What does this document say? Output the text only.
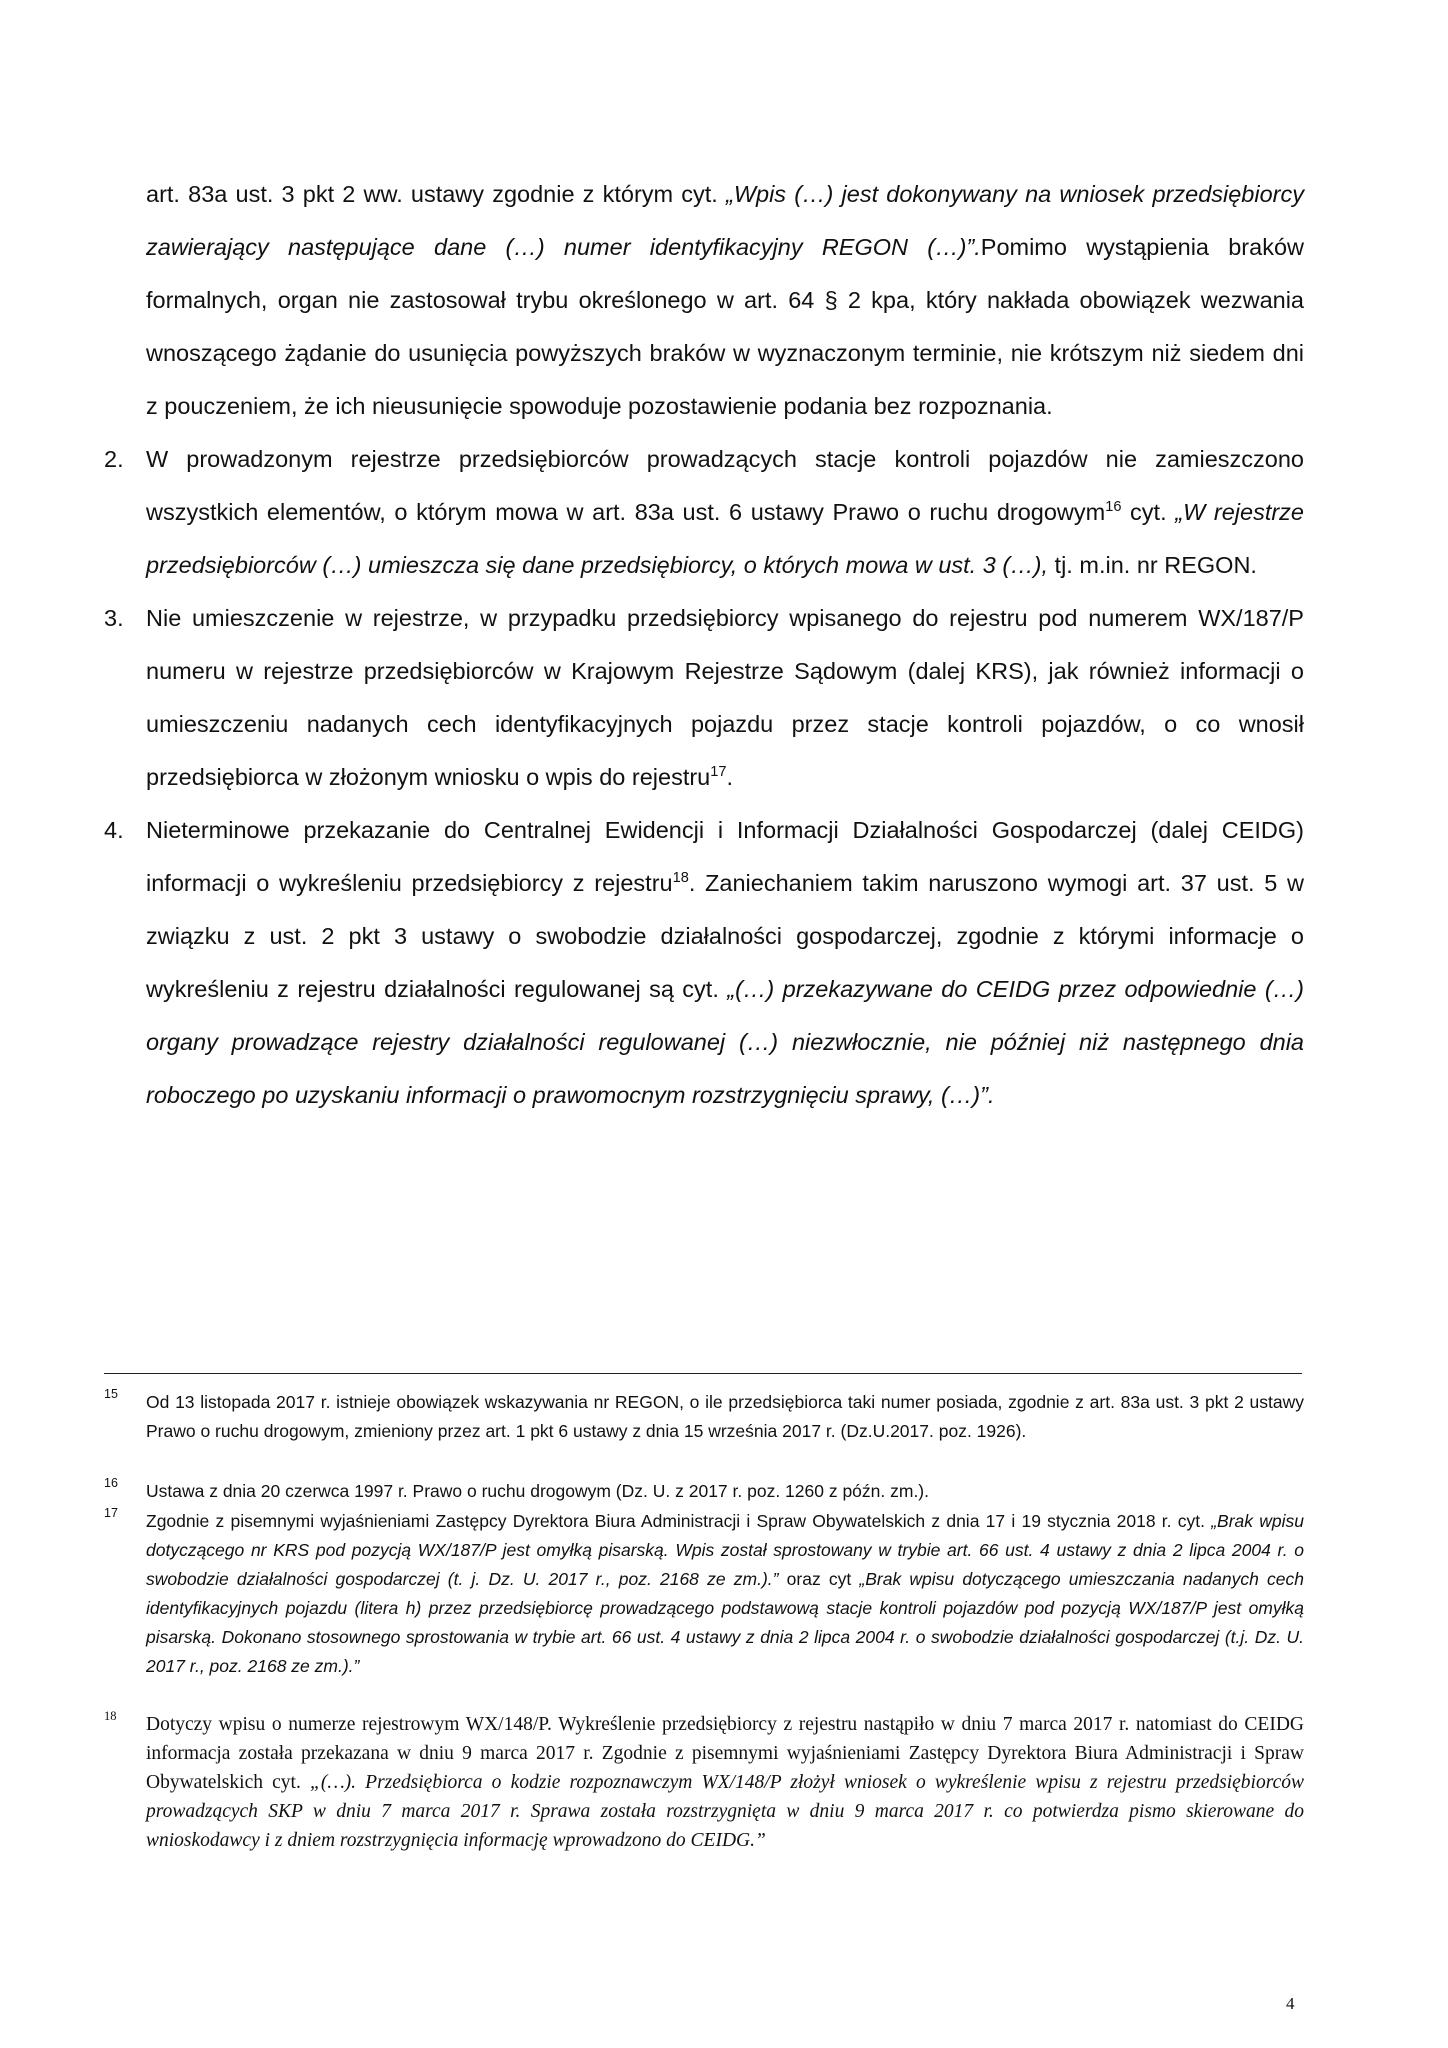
art. 83a ust. 3 pkt 2 ww. ustawy zgodnie z którym cyt. „Wpis (…) jest dokonywany na wniosek przedsiębiorcy zawierający następujące dane (…) numer identyfikacyjny REGON (…)”.Pomimo wystąpienia braków formalnych, organ nie zastosował trybu określonego w art. 64 § 2 kpa, który nakłada obowiązek wezwania wnoszącego żądanie do usunięcia powyższych braków w wyznaczonym terminie, nie krótszym niż siedem dni z pouczeniem, że ich nieusunięcie spowoduje pozostawienie podania bez rozpoznania.

2. W prowadzonym rejestrze przedsiębiorców prowadzących stacje kontroli pojazdów nie zamieszczono wszystkich elementów, o którym mowa w art. 83a ust. 6 ustawy Prawo o ruchu drogowym$^{16}$ cyt. „W rejestrze przedsiębiorców (…) umieszcza się dane przedsiębiorcy, o których mowa w ust. 3 (…), tj. m.in. nr REGON.
3. Nie umieszczenie w rejestrze, w przypadku przedsiębiorcy wpisanego do rejestru pod numerem WX/187/P numeru w rejestrze przedsiębiorców w Krajowym Rejestrze Sądowym (dalej KRS), jak również informacji o umieszczeniu nadanych cech identyfikacyjnych pojazdu przez stacje kontroli pojazdów, o co wnosił przedsiębiorca w złożonym wniosku o wpis do rejestru$^{17}$.
4. Nieterminowe przekazanie do Centralnej Ewidencji i Informacji Działalności Gospodarczej (dalej CEIDG) informacji o wykreśleniu przedsiębiorcy z rejestru$^{18}$. Zaniechaniem takim naruszono wymogi art. 37 ust. 5 w związku z ust. 2 pkt 3 ustawy o swobodzie działalności gospodarczej, zgodnie z którymi informacje o wykreśleniu z rejestru działalności regulowanej są cyt. „(…) przekazywane do CEIDG przez odpowiednie (…) organy prowadzące rejestry działalności regulowanej (…) niezwłocznie, nie później niż następnego dnia roboczego po uzyskaniu informacji o prawomocnym rozstrzygnięciu sprawy, (…)”.
15 Od 13 listopada 2017 r. istnieje obowiązek wskazywania nr REGON, o ile przedsiębiorca taki numer posiada, zgodnie z art. 83a ust. 3 pkt 2 ustawy Prawo o ruchu drogowym, zmieniony przez art. 1 pkt 6 ustawy z dnia 15 września 2017 r. (Dz.U.2017. poz. 1926).
16 Ustawa z dnia 20 czerwca 1997 r. Prawo o ruchu drogowym (Dz. U. z 2017 r. poz. 1260 z późn. zm.).
17 Zgodnie z pisemnymi wyjaśnieniami Zastępcy Dyrektora Biura Administracji i Spraw Obywatelskich z dnia 17 i 19 stycznia 2018 r. cyt. „Brak wpisu dotyczącego nr KRS pod pozycją WX/187/P jest omyłką pisarską. Wpis został sprostowany w trybie art. 66 ust. 4 ustawy z dnia 2 lipca 2004 r. o swobodzie działalności gospodarczej (t. j. Dz. U. 2017 r., poz. 2168 ze zm.).” oraz cyt „Brak wpisu dotyczącego umieszczania nadanych cech identyfikacyjnych pojazdu (litera h) przez przedsiębiorcę prowadzącego podstawową stacje kontroli pojazdów pod pozycją WX/187/P jest omyłką pisarską. Dokonano stosownego sprostowania w trybie art. 66 ust. 4 ustawy z dnia 2 lipca 2004 r. o swobodzie działalności gospodarczej (t.j. Dz. U. 2017 r., poz. 2168 ze zm.).”
18 Dotyczy wpisu o numerze rejestrowym WX/148/P. Wykreślenie przedsiębiorcy z rejestru nastąpiło w dniu 7 marca 2017 r. natomiast do CEIDG informacja została przekazana w dniu 9 marca 2017 r. Zgodnie z pisemnymi wyjaśnieniami Zastępcy Dyrektora Biura Administracji i Spraw Obywatelskich cyt. „(…). Przedsiębiorca o kodzie rozpoznawczym WX/148/P złożył wniosek o wykreślenie wpisu z rejestru przedsiębiorców prowadzących SKP w dniu 7 marca 2017 r. Sprawa została rozstrzygnięta w dniu 9 marca 2017 r. co potwierdza pismo skierowane do wnioskodawcy i z dniem rozstrzygnięcia informację wprowadzono do CEIDG.”
4
